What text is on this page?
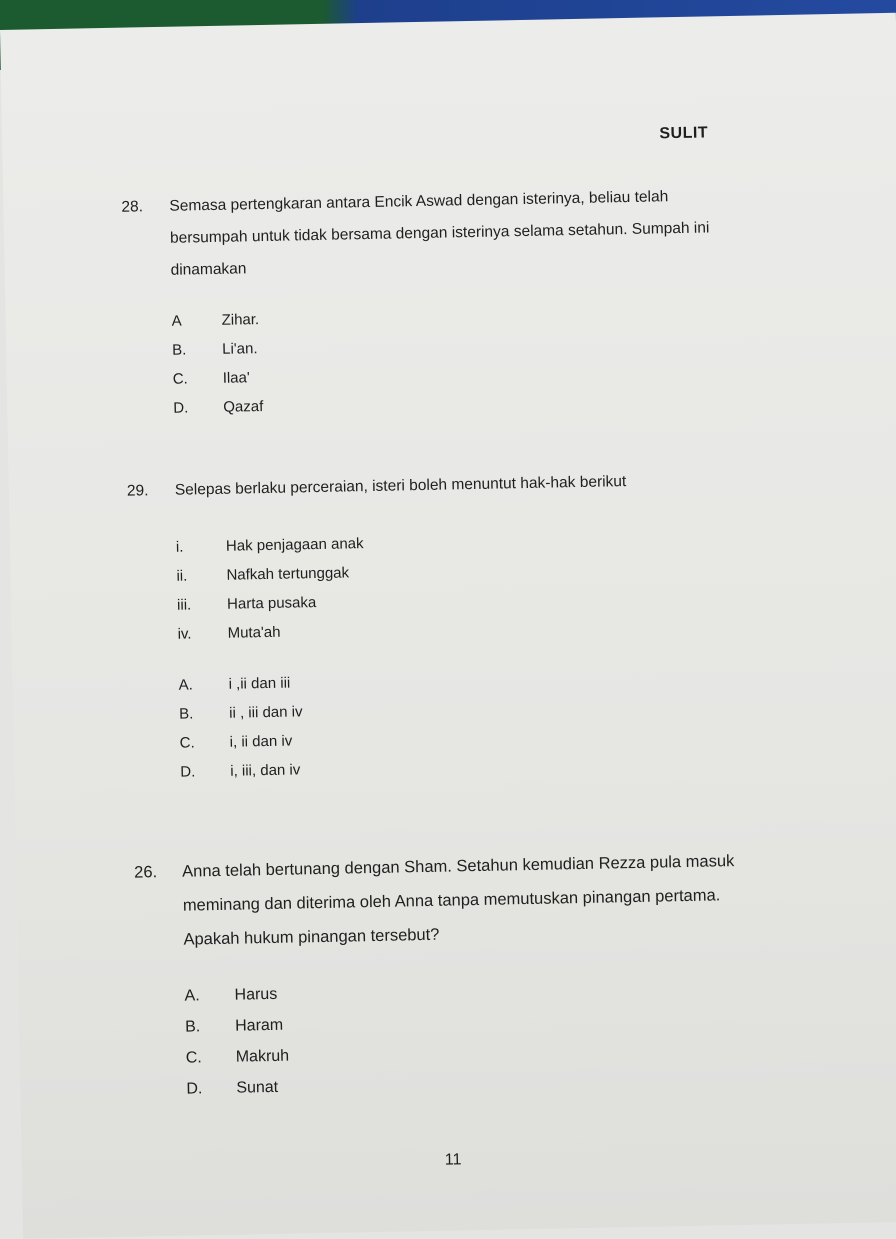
SULIT
28. Semasa pertengkaran antara Encik Aswad dengan isterinya, beliau telah bersumpah untuk tidak bersama dengan isterinya selama setahun. Sumpah ini dinamakan
A	Zihar.
B.	Li'an.
C.	Ilaa'
D.	Qazaf
29. Selepas berlaku perceraian, isteri boleh menuntut hak-hak berikut
i.	Hak penjagaan anak
ii.	Nafkah tertunggak
iii.	Harta pusaka
iv.	Muta'ah
A.	i ,ii dan iii
B.	ii , iii dan iv
C.	i, ii dan iv
D.	i, iii, dan iv
26. Anna telah bertunang dengan Sham. Setahun kemudian Rezza pula masuk meminang dan diterima oleh Anna tanpa memutuskan pinangan pertama. Apakah hukum pinangan tersebut?
A.	Harus
B.	Haram
C.	Makruh
D.	Sunat
11
